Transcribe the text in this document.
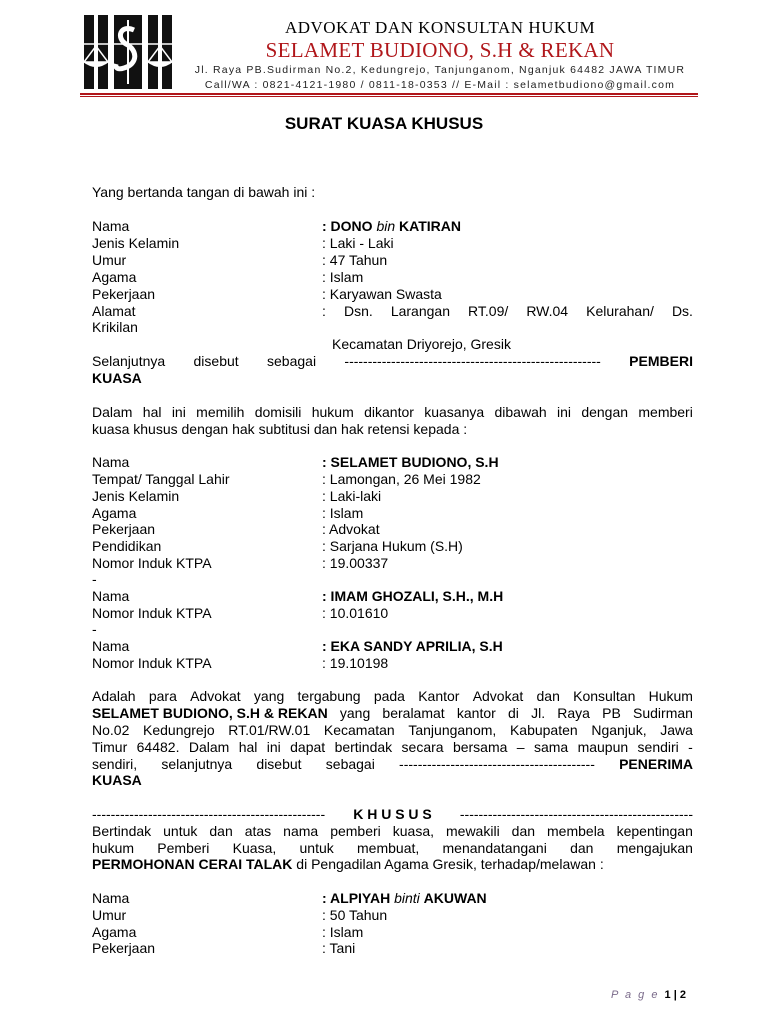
ADVOKAT DAN KONSULTAN HUKUM
SELAMET BUDIONO, S.H & REKAN
Jl. Raya PB.Sudirman No.2, Kedungrejo, Tanjunganom, Nganjuk 64482 JAWA TIMUR
Call/WA : 0821-4121-1980 / 0811-18-0353 // E-Mail : selametbudiono@gmail.com
SURAT KUASA KHUSUS
Yang bertanda tangan di bawah ini :
Nama	: DONO bin KATIRAN
Jenis Kelamin	: Laki - Laki
Umur	: 47 Tahun
Agama	: Islam
Pekerjaan	: Karyawan Swasta
Alamat	: Dsn. Larangan RT.09/ RW.04 Kelurahan/ Ds.
Krikilan
Kecamatan Driyorejo, Gresik
Selanjutnya disebut sebagai ------------------------------------------------------- PEMBERI
KUASA
Dalam hal ini memilih domisili hukum dikantor kuasanya dibawah ini dengan memberi
kuasa khusus dengan hak subtitusi dan hak retensi kepada :
Nama	: SELAMET BUDIONO, S.H
Tempat/ Tanggal Lahir	: Lamongan, 26 Mei 1982
Jenis Kelamin	: Laki-laki
Agama	: Islam
Pekerjaan	: Advokat
Pendidikan	: Sarjana Hukum (S.H)
Nomor Induk KTPA	: 19.00337
-
Nama	: IMAM GHOZALI, S.H., M.H
Nomor Induk KTPA	: 10.01610
-
Nama	: EKA SANDY APRILIA, S.H
Nomor Induk KTPA	: 19.10198
Adalah para Advokat yang tergabung pada Kantor Advokat dan Konsultan Hukum
SELAMET BUDIONO, S.H & REKAN yang beralamat kantor di Jl. Raya PB Sudirman
No.02 Kedungrejo RT.01/RW.01 Kecamatan Tanjunganom, Kabupaten Nganjuk, Jawa
Timur 64482. Dalam hal ini dapat bertindak secara bersama – sama maupun sendiri -
sendiri, selanjutnya disebut sebagai ------------------------------------------ PENERIMA
KUASA
-------------------------------------------------- K H U S U S --------------------------------------------------
Bertindak untuk dan atas nama pemberi kuasa, mewakili dan membela kepentingan
hukum Pemberi Kuasa, untuk membuat, menandatangani dan mengajukan
PERMOHONAN CERAI TALAK di Pengadilan Agama Gresik, terhadap/melawan :
Nama	: ALPIYAH binti AKUWAN
Umur	: 50 Tahun
Agama	: Islam
Pekerjaan	: Tani
P a g e 1 | 2
